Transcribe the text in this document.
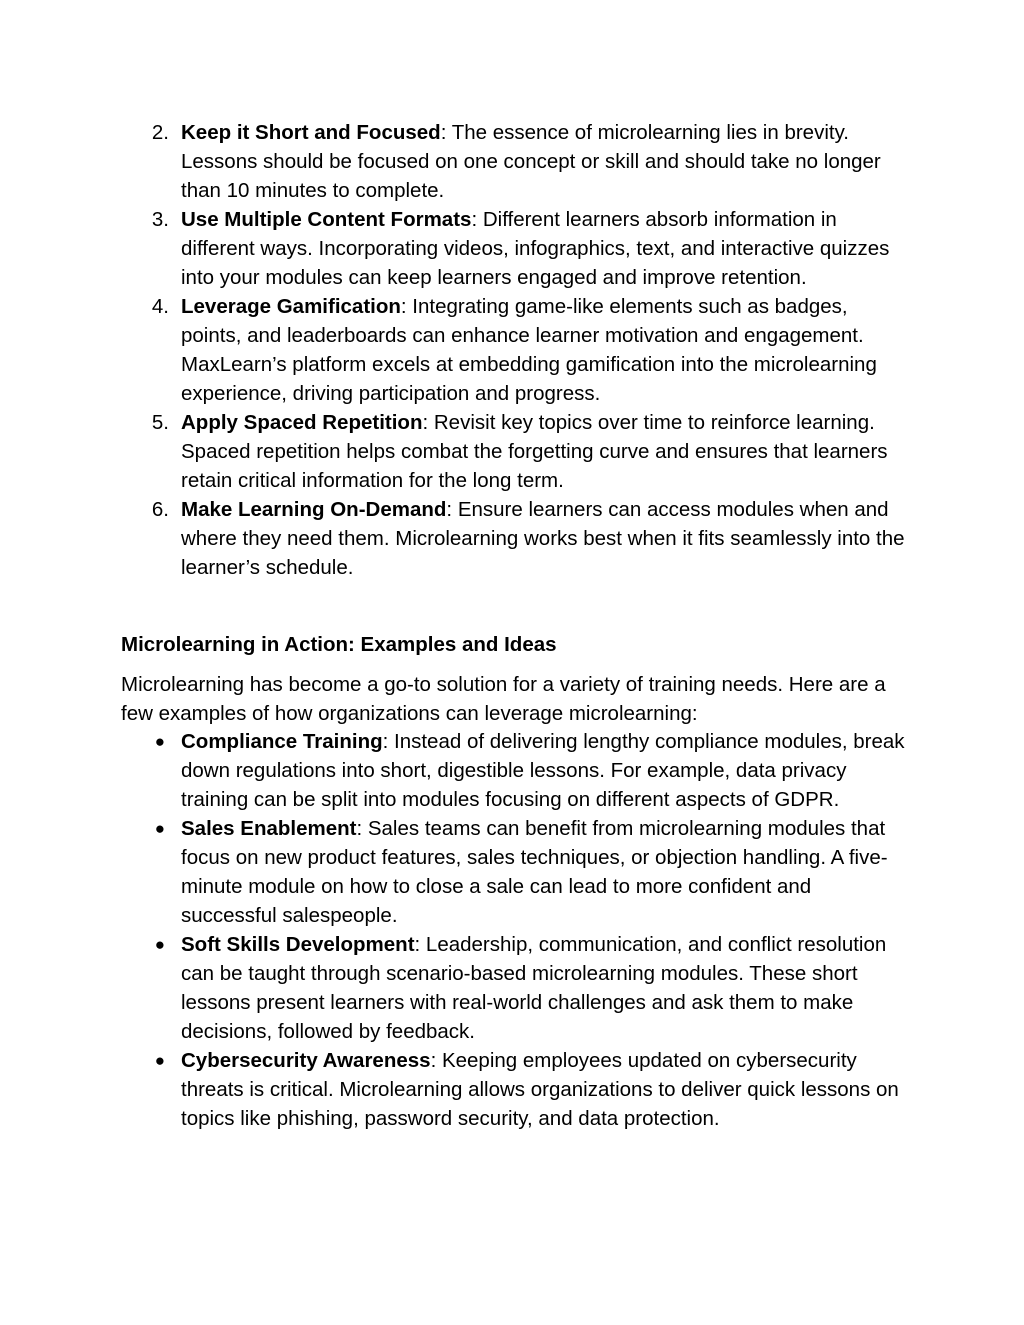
2. Keep it Short and Focused: The essence of microlearning lies in brevity. Lessons should be focused on one concept or skill and should take no longer than 10 minutes to complete.
3. Use Multiple Content Formats: Different learners absorb information in different ways. Incorporating videos, infographics, text, and interactive quizzes into your modules can keep learners engaged and improve retention.
4. Leverage Gamification: Integrating game-like elements such as badges, points, and leaderboards can enhance learner motivation and engagement. MaxLearn’s platform excels at embedding gamification into the microlearning experience, driving participation and progress.
5. Apply Spaced Repetition: Revisit key topics over time to reinforce learning. Spaced repetition helps combat the forgetting curve and ensures that learners retain critical information for the long term.
6. Make Learning On-Demand: Ensure learners can access modules when and where they need them. Microlearning works best when it fits seamlessly into the learner’s schedule.
Microlearning in Action: Examples and Ideas

Microlearning has become a go-to solution for a variety of training needs. Here are a few examples of how organizations can leverage microlearning:

● Compliance Training: Instead of delivering lengthy compliance modules, break down regulations into short, digestible lessons. For example, data privacy training can be split into modules focusing on different aspects of GDPR.
● Sales Enablement: Sales teams can benefit from microlearning modules that focus on new product features, sales techniques, or objection handling. A five-minute module on how to close a sale can lead to more confident and successful salespeople.
● Soft Skills Development: Leadership, communication, and conflict resolution can be taught through scenario-based microlearning modules. These short lessons present learners with real-world challenges and ask them to make decisions, followed by feedback.
● Cybersecurity Awareness: Keeping employees updated on cybersecurity threats is critical. Microlearning allows organizations to deliver quick lessons on topics like phishing, password security, and data protection.
